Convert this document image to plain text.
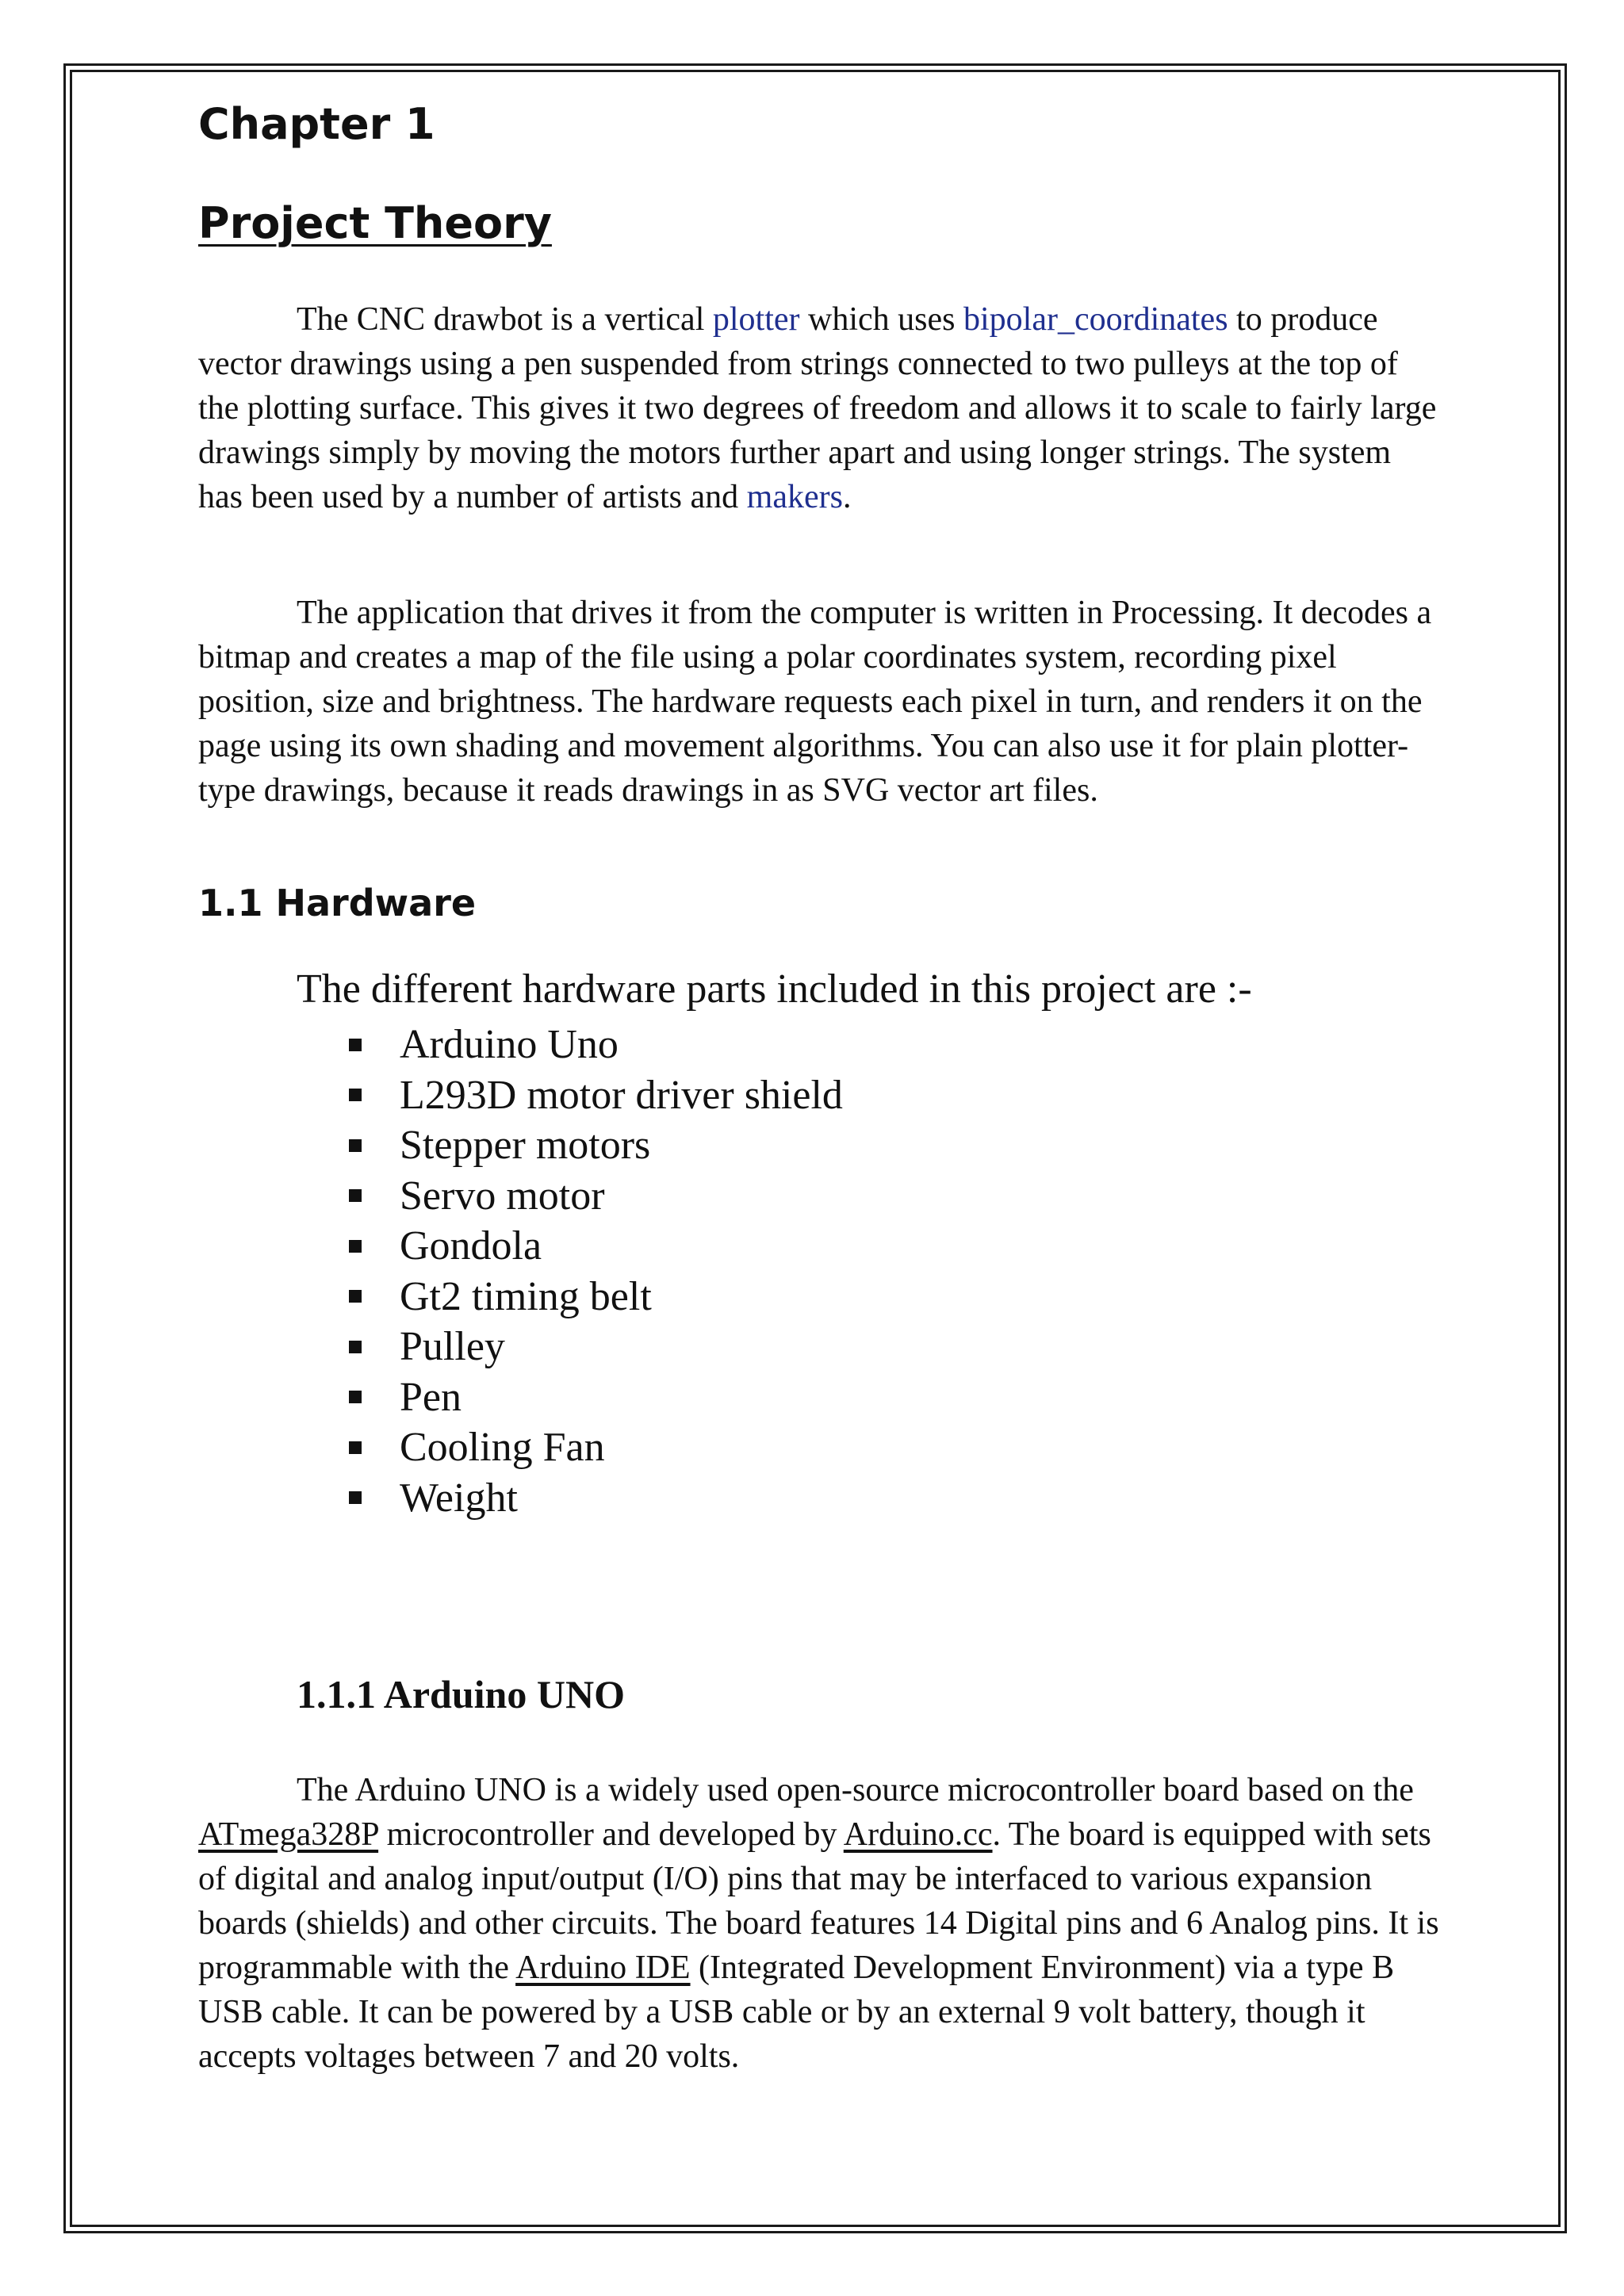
Chapter 1
Project Theory

The CNC drawbot is a vertical plotter which uses bipolar_coordinates to produce vector drawings using a pen suspended from strings connected to two pulleys at the top of the plotting surface. This gives it two degrees of freedom and allows it to scale to fairly large drawings simply by moving the motors further apart and using longer strings. The system has been used by a number of artists and makers.

The application that drives it from the computer is written in Processing. It decodes a bitmap and creates a map of the file using a polar coordinates system, recording pixel position, size and brightness. The hardware requests each pixel in turn, and renders it on the page using its own shading and movement algorithms. You can also use it for plain plotter-type drawings, because it reads drawings in as SVG vector art files.

1.1 Hardware

The different hardware parts included in this project are :-

Arduino Uno
L293D motor driver shield
Stepper motors
Servo motor
Gondola
Gt2 timing belt
Pulley
Pen
Cooling Fan
Weight
1.1.1 Arduino UNO

The Arduino UNO is a widely used open-source microcontroller board based on the ATmega328P microcontroller and developed by Arduino.cc. The board is equipped with sets of digital and analog input/output (I/O) pins that may be interfaced to various expansion boards (shields) and other circuits. The board features 14 Digital pins and 6 Analog pins. It is programmable with the Arduino IDE (Integrated Development Environment) via a type B USB cable. It can be powered by a USB cable or by an external 9 volt battery, though it accepts voltages between 7 and 20 volts.
